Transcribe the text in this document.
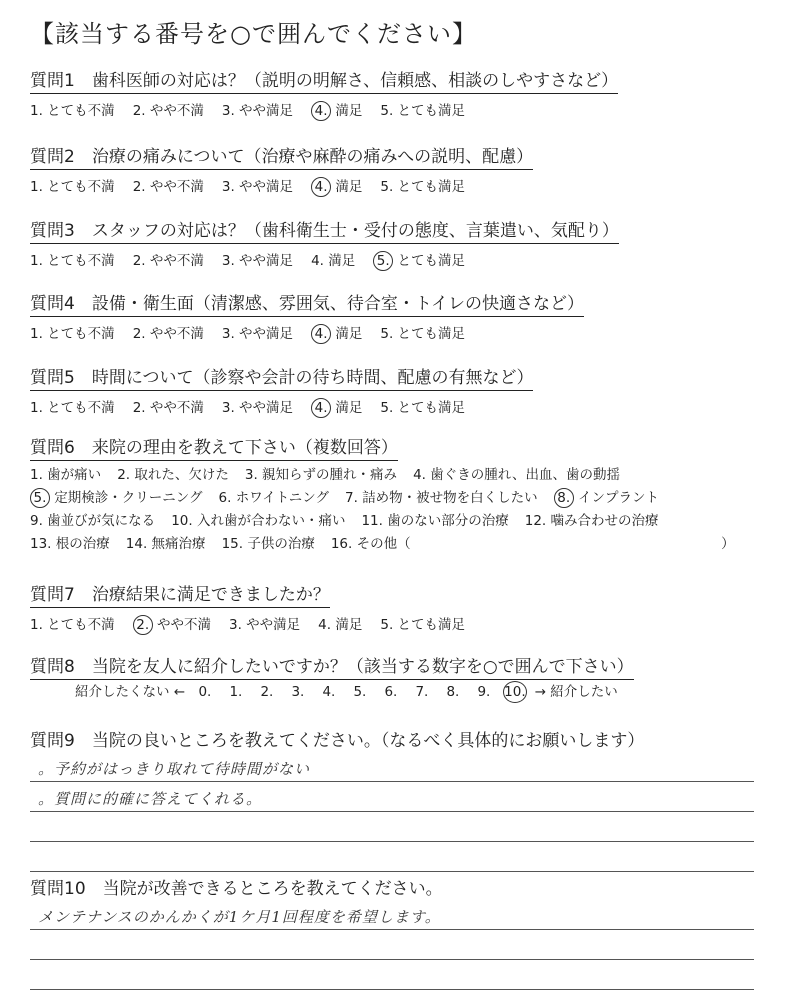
【該当する番号を○で囲んでください】
質問1　歯科医師の対応は？（説明の明解さ、信頼感、相談のしやすさなど）
1. とても不満 2. やや不満 3. やや満足 4. 満足 5. とても満足
質問2　治療の痛みについて（治療や麻酔の痛みへの説明、配慮）
1. とても不満 2. やや不満 3. やや満足 4. 満足 5. とても満足
質問3　スタッフの対応は？（歯科衛生士・受付の態度、言葉遣い、気配り）
1. とても不満 2. やや不満 3. やや満足 4. 満足 5. とても満足
質問4　設備・衛生面（清潔感、雰囲気、待合室・トイレの快適さなど）
1. とても不満 2. やや不満 3. やや満足 4. 満足 5. とても満足
質問5　時間について（診察や会計の待ち時間、配慮の有無など）
1. とても不満 2. やや不満 3. やや満足 4. 満足 5. とても満足
質問6　来院の理由を教えて下さい（複数回答）
1. 歯が痛い 2. 取れた、欠けた 3. 親知らずの腫れ・痛み 4. 歯ぐきの腫れ、出血、歯の動揺
5. 定期検診・クリーニング 6. ホワイトニング 7. 詰め物・被せ物を白くしたい 8. インプラント
9. 歯並びが気になる 10. 入れ歯が合わない・痛い 11. 歯のない部分の治療 12. 噛み合わせの治療
13. 根の治療 14. 無痛治療 15. 子供の治療 16. その他（　　　　　　　　　　　　　　　　　　　　　　　）
質問7　治療結果に満足できましたか？
1. とても不満 2. やや不満 3. やや満足 4. 満足 5. とても満足
質問8　当院を友人に紹介したいですか？（該当する数字を○で囲んで下さい）
紹介したくない ← 0. 1. 2. 3. 4. 5. 6. 7. 8. 9. 10. → 紹介したい
質問9　当院の良いところを教えてください。（なるべく具体的にお願いします）
。予約がはっきり取れて待時間がない
。質問に的確に答えてくれる。
質問10　当院が改善できるところを教えてください。
メンテナンスのかんかくが1ケ月1回程度を希望します。
